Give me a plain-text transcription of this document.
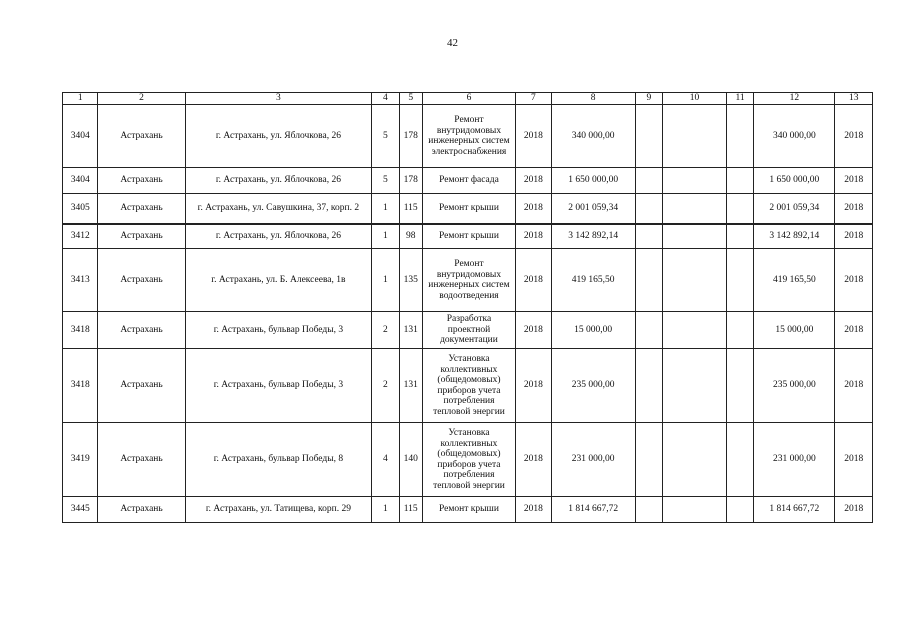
42
1	2	3	4	5	6	7	8	9	10	11	12	13
3404	Астрахань	г. Астрахань, ул. Яблочкова, 26	5	178	Ремонт внутридомовых инженерных систем электроснабжения	2018	340 000,00				340 000,00	2018
3404	Астрахань	г. Астрахань, ул. Яблочкова, 26	5	178	Ремонт фасада	2018	1 650 000,00				1 650 000,00	2018
3405	Астрахань	г. Астрахань, ул. Савушкина, 37, корп. 2	1	115	Ремонт крыши	2018	2 001 059,34				2 001 059,34	2018
3412	Астрахань	г. Астрахань, ул. Яблочкова, 26	1	98	Ремонт крыши	2018	3 142 892,14				3 142 892,14	2018
3413	Астрахань	г. Астрахань, ул. Б. Алексеева, 1в	1	135	Ремонт внутридомовых инженерных систем водоотведения	2018	419 165,50				419 165,50	2018
3418	Астрахань	г. Астрахань, бульвар Победы, 3	2	131	Разработка проектной документации	2018	15 000,00				15 000,00	2018
3418	Астрахань	г. Астрахань, бульвар Победы, 3	2	131	Установка коллективных (общедомовых) приборов учета потребления тепловой энергии	2018	235 000,00				235 000,00	2018
3419	Астрахань	г. Астрахань, бульвар Победы, 8	4	140	Установка коллективных (общедомовых) приборов учета потребления тепловой энергии	2018	231 000,00				231 000,00	2018
3445	Астрахань	г. Астрахань, ул. Татищева, корп. 29	1	115	Ремонт крыши	2018	1 814 667,72				1 814 667,72	2018
